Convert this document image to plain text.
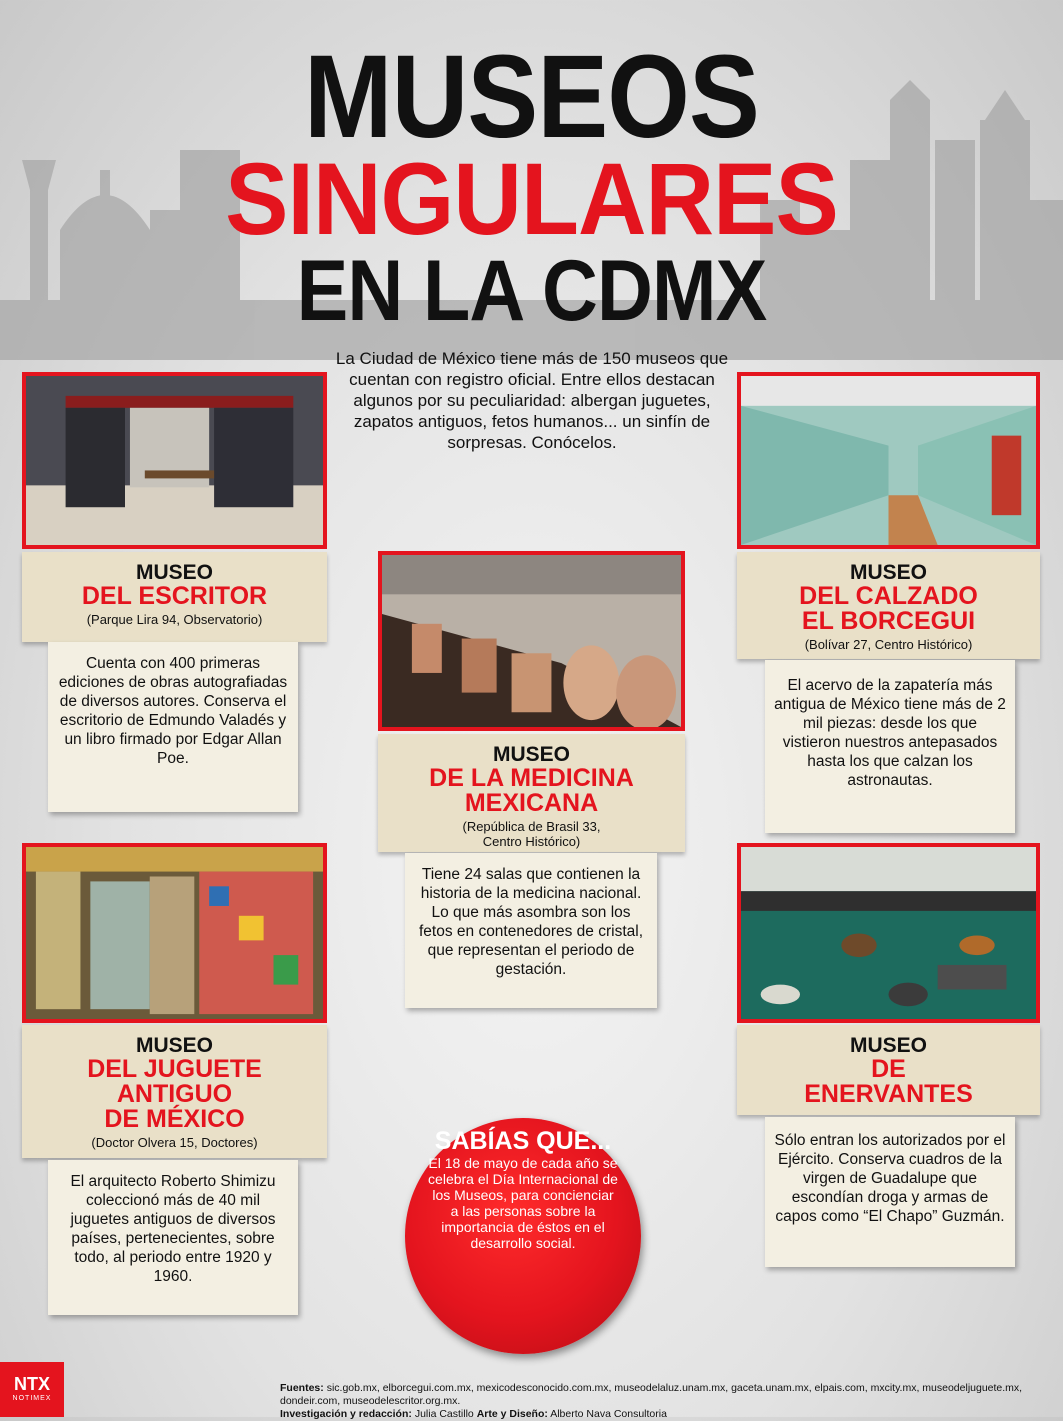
MUSEOS
SINGULARES
EN LA CDMX
La Ciudad de México tiene más de 150 museos que cuentan con registro oficial. Entre ellos destacan algunos por su peculiaridad: albergan juguetes, zapatos antiguos, fetos humanos... un sinfín de sorpresas. Conócelos.
MUSEO
DEL ESCRITOR
(Parque Lira 94, Observatorio)
Cuenta con 400 primeras ediciones de obras autografiadas de diversos autores. Conserva el escritorio de Edmundo Valadés y un libro firmado por Edgar Allan Poe.
MUSEO
DEL CALZADO
EL BORCEGUI
(Bolívar 27, Centro Histórico)
El acervo de la zapatería más antigua de México tiene más de 2 mil piezas: desde los que vistieron nuestros antepasados hasta los que calzan los astronautas.
MUSEO
DE LA MEDICINA
MEXICANA
(República de Brasil 33,
Centro Histórico)
Tiene 24 salas que contienen la historia de la medicina nacional. Lo que más asombra son los fetos en contenedores de cristal, que representan el periodo de gestación.
MUSEO
DEL JUGUETE
ANTIGUO
DE MÉXICO
(Doctor Olvera 15, Doctores)
El arquitecto Roberto Shimizu coleccionó más de 40 mil juguetes antiguos de diversos países, pertenecientes, sobre todo, al periodo entre 1920 y 1960.
MUSEO
DE
ENERVANTES
Sólo entran los autorizados por el Ejército. Conserva cuadros de la virgen de Guadalupe que escondían droga y armas de capos como “El Chapo” Guzmán.
SABÍAS QUE...
El 18 de mayo de cada año se celebra el Día Internacional de los Museos, para concienciar a las personas sobre la importancia de éstos en el desarrollo social.
NTX
NOTIMEX
Fuentes: sic.gob.mx, elborcegui.com.mx, mexicodesconocido.com.mx, museodelaluz.unam.mx, gaceta.unam.mx, elpais.com, mxcity.mx, museodeljuguete.mx, dondeir.com, museodelescritor.org.mx.
Investigación y redacción: Julia Castillo Arte y Diseño: Alberto Nava Consultoria
